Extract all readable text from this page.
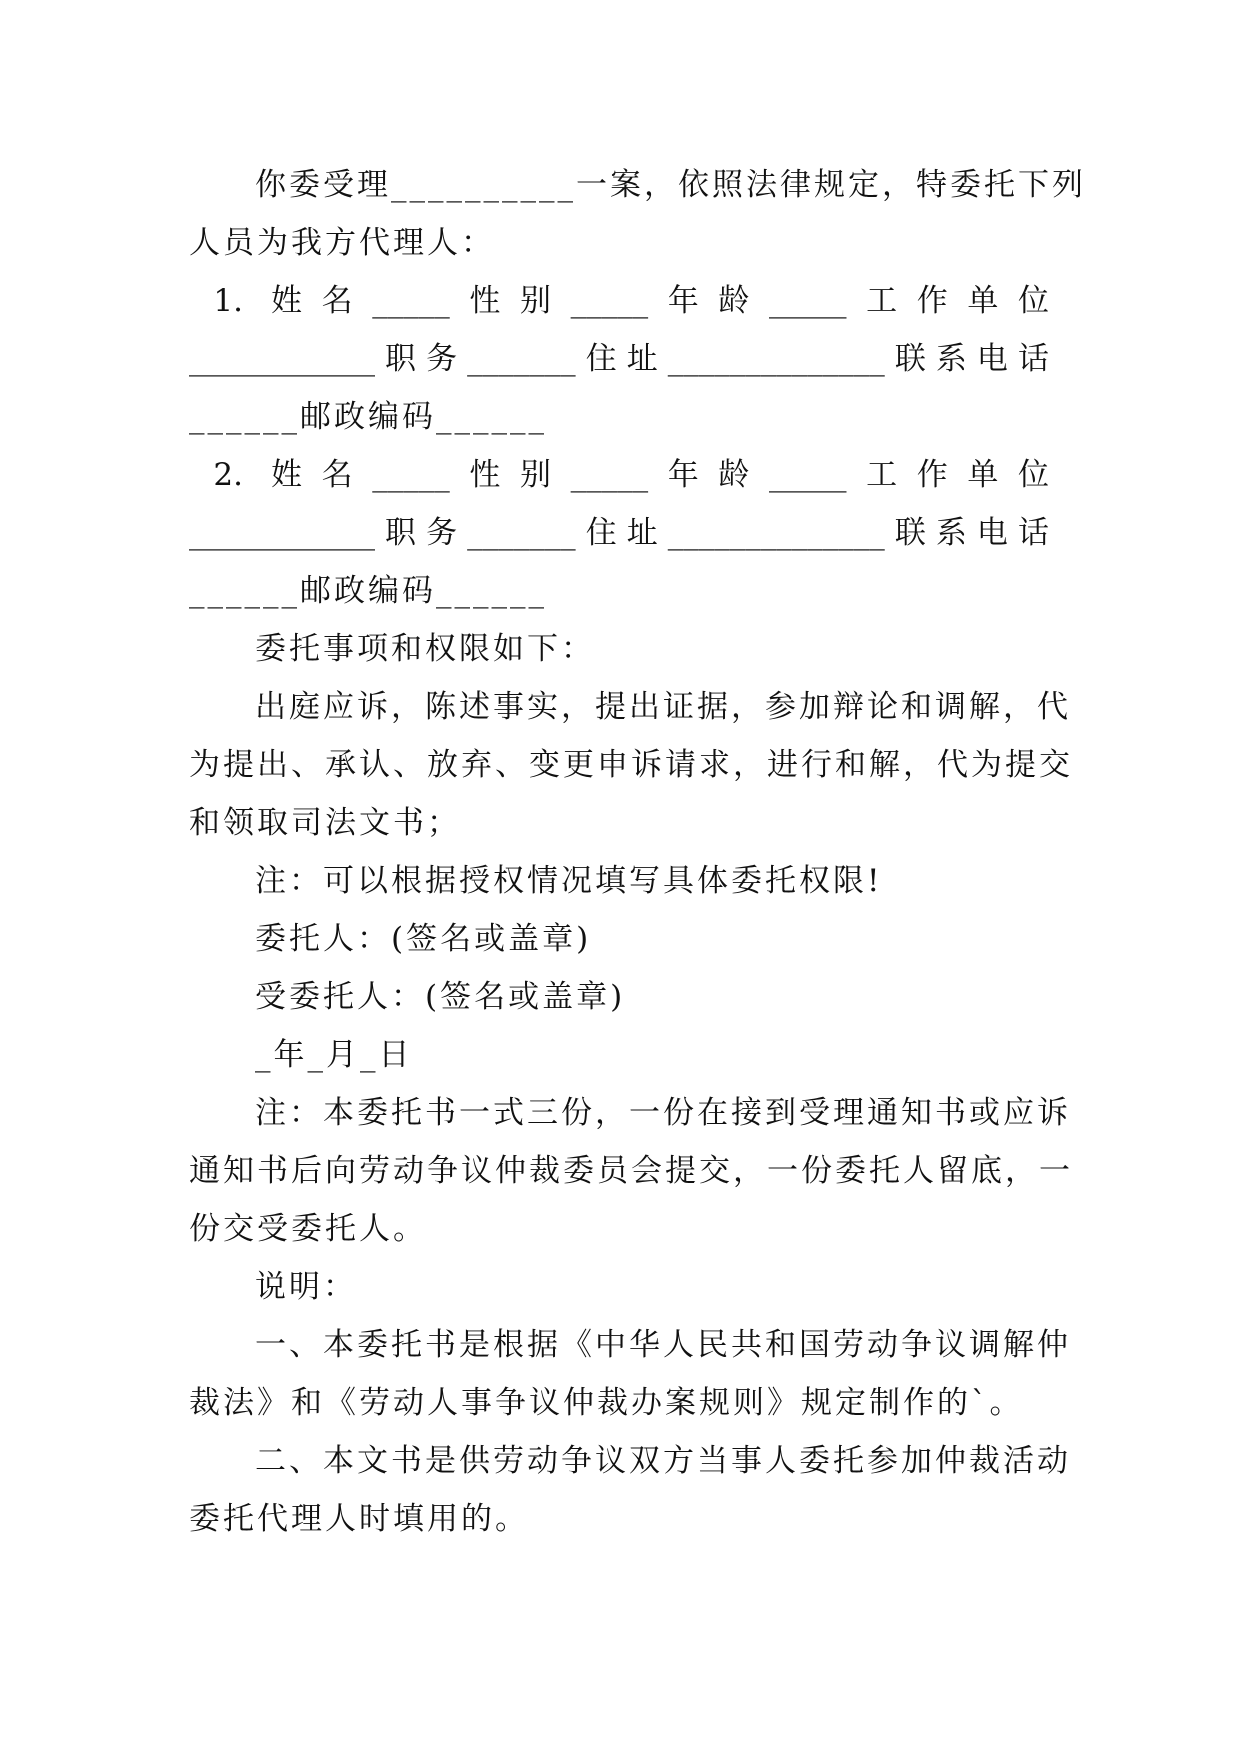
你委受理__________一案，依照法律规定，特委托下列
人员为我方代理人：
1. 姓 名 _____ 性 别 _____ 年 龄 _____ 工 作 单 位
____________ 职 务 _______ 住 址 ______________ 联 系 电 话
______邮政编码______
2. 姓 名 _____ 性 别 _____ 年 龄 _____ 工 作 单 位
____________ 职 务 _______ 住 址 ______________ 联 系 电 话
______邮政编码______
委托事项和权限如下：
出庭应诉，陈述事实，提出证据，参加辩论和调解，代
为提出、承认、放弃、变更申诉请求，进行和解，代为提交
和领取司法文书；
注：可以根据授权情况填写具体委托权限!
委托人：(签名或盖章)
受委托人：(签名或盖章)
_年_月_日
注：本委托书一式三份，一份在接到受理通知书或应诉
通知书后向劳动争议仲裁委员会提交，一份委托人留底，一
份交受委托人。
说明：
一、本委托书是根据《中华人民共和国劳动争议调解仲
裁法》和《劳动人事争议仲裁办案规则》规定制作的`。
二、本文书是供劳动争议双方当事人委托参加仲裁活动
委托代理人时填用的。
